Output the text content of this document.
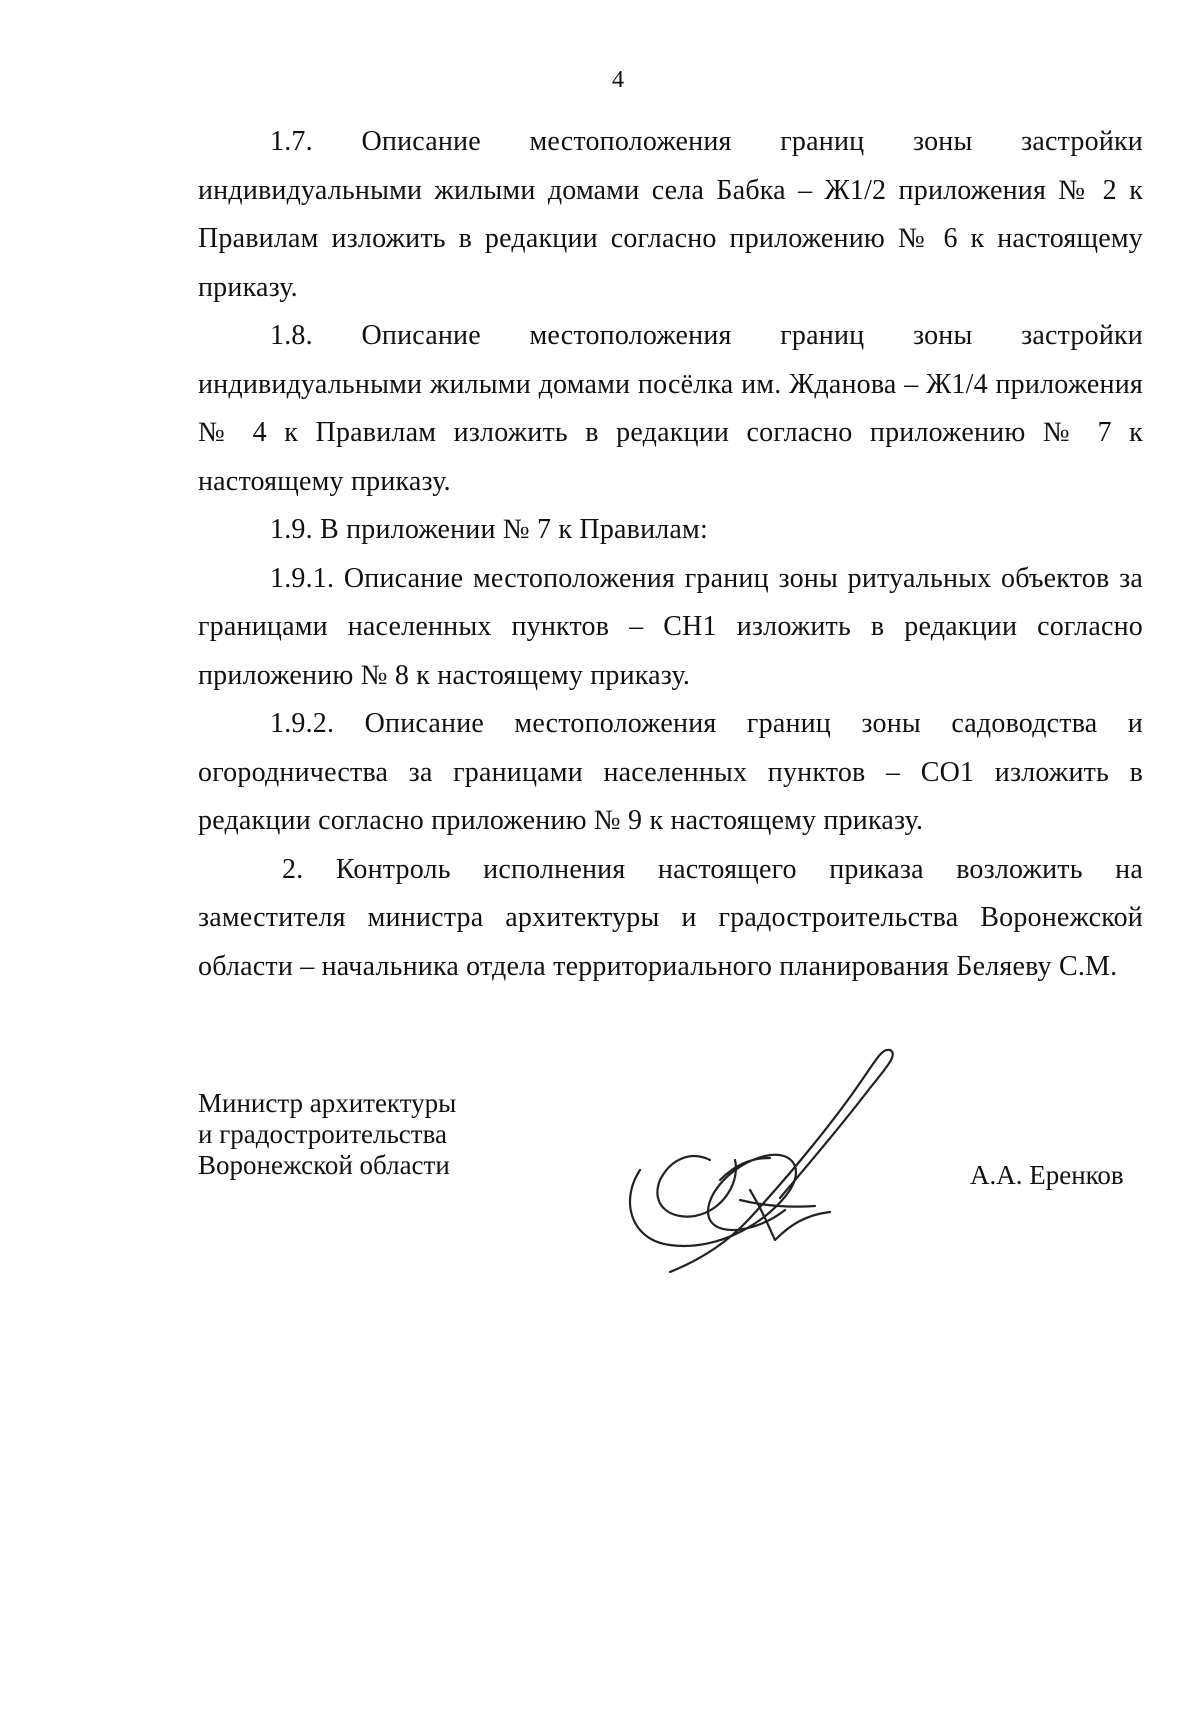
4

1.7. Описание местоположения границ зоны застройки индивидуальными жилыми домами села Бабка – Ж1/2 приложения № 2 к Правилам изложить в редакции согласно приложению № 6 к настоящему приказу.

1.8. Описание местоположения границ зоны застройки индивидуальными жилыми домами посёлка им. Жданова – Ж1/4 приложения № 4 к Правилам изложить в редакции согласно приложению № 7 к настоящему приказу.

1.9. В приложении № 7 к Правилам:

1.9.1. Описание местоположения границ зоны ритуальных объектов за границами населенных пунктов – СН1 изложить в редакции согласно приложению № 8 к настоящему приказу.

1.9.2. Описание местоположения границ зоны садоводства и огородничества за границами населенных пунктов – СО1 изложить в редакции согласно приложению № 9 к настоящему приказу.

2. Контроль исполнения настоящего приказа возложить на заместителя министра архитектуры и градостроительства Воронежской области – начальника отдела территориального планирования Беляеву С.М.

Министр архитектуры
и градостроительства
Воронежской области	А.А. Еренков
